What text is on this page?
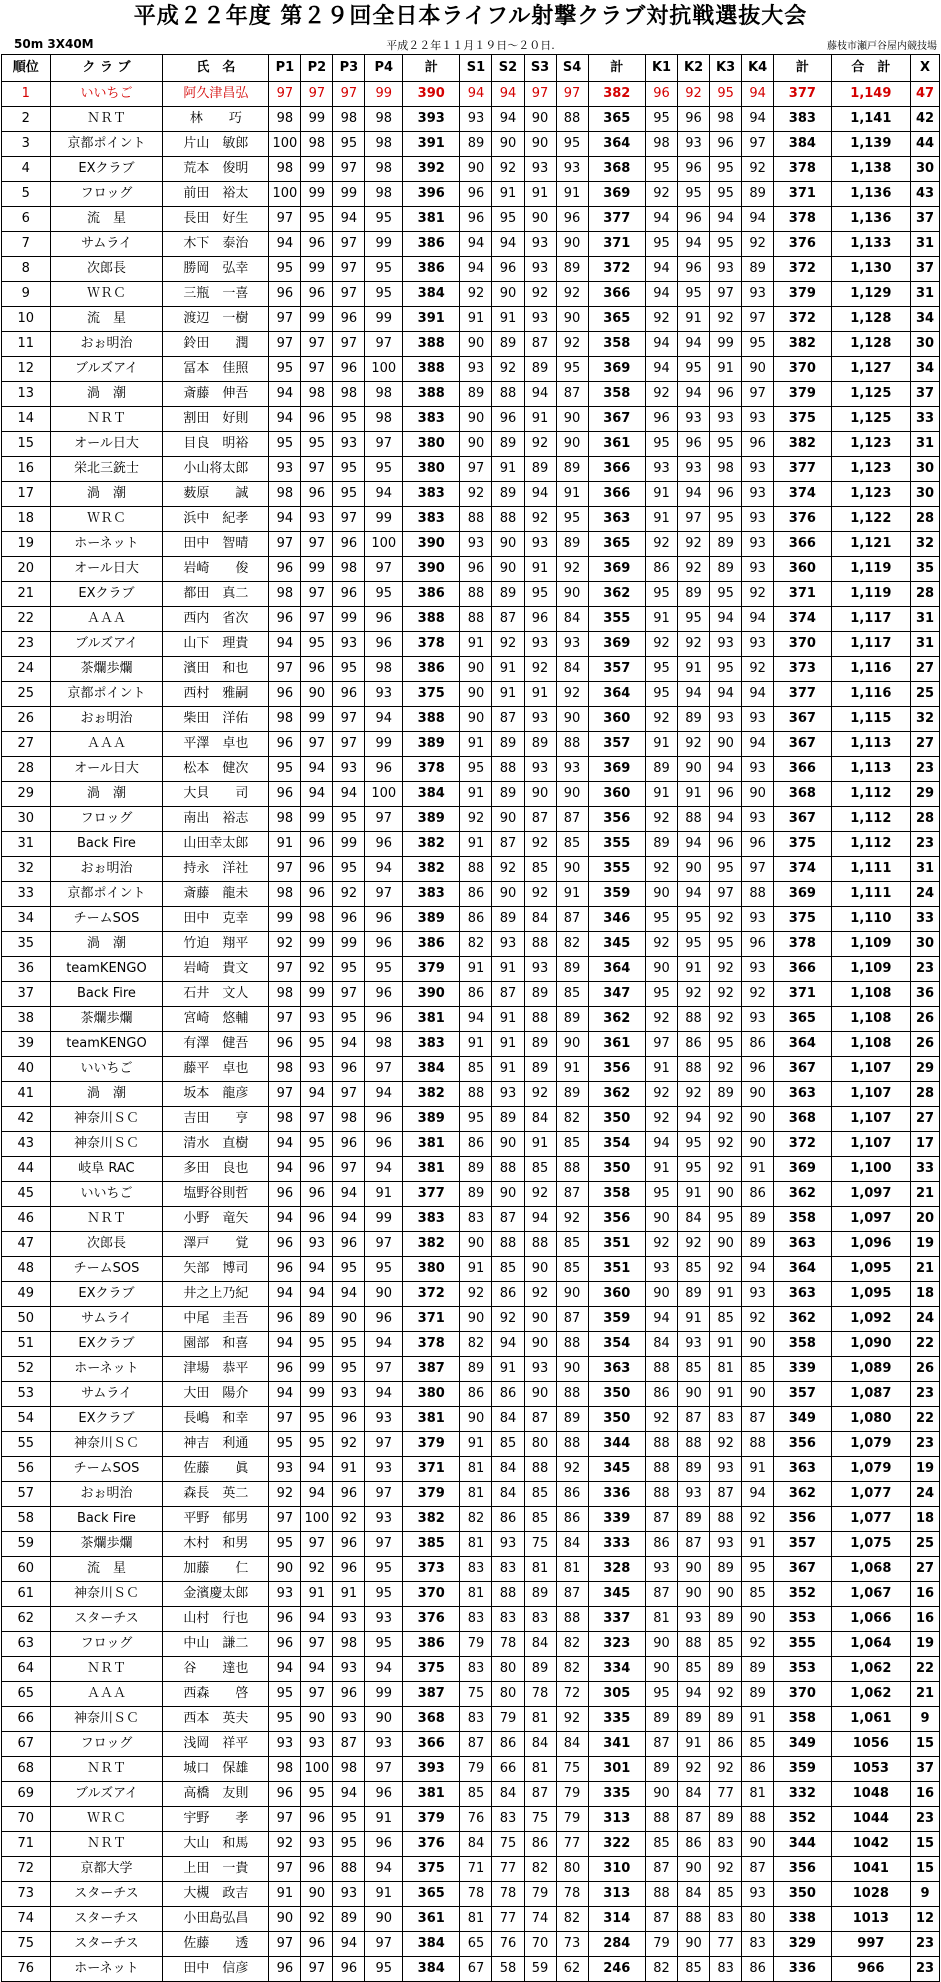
平成２２年度 第２９回全日本ライフル射撃クラブ対抗戦選抜大会
50m 3X40M	平成２２年１１月１９日～２０日.	藤枝市瀬戸谷屋内競技場
順位	ク ラ ブ	氏　名	P1	P2	P3	P4	計	S1	S2	S3	S4	計	K1	K2	K3	K4	計	合　計	X
1	いいちご	阿久津昌弘	97	97	97	99	390	94	94	97	97	382	96	92	95	94	377	1,149	47
2	ＮＲＴ	林　　巧	98	99	98	98	393	93	94	90	88	365	95	96	98	94	383	1,141	42
3	京都ポイント	片山　敏郎	100	98	95	98	391	89	90	90	95	364	98	93	96	97	384	1,139	44
4	EXクラブ	荒本　俊明	98	99	97	98	392	90	92	93	93	368	95	96	95	92	378	1,138	30
5	フロッグ	前田　裕太	100	99	99	98	396	96	91	91	91	369	92	95	95	89	371	1,136	43
6	流　星	長田　好生	97	95	94	95	381	96	95	90	96	377	94	96	94	94	378	1,136	37
7	サムライ	木下　泰治	94	96	97	99	386	94	94	93	90	371	95	94	95	92	376	1,133	31
8	次郎長	勝岡　弘幸	95	99	97	95	386	94	96	93	89	372	94	96	93	89	372	1,130	37
9	ＷＲＣ	三瓶　一喜	96	96	97	95	384	92	90	92	92	366	94	95	97	93	379	1,129	31
10	流　星	渡辺　一樹	97	99	96	99	391	91	91	93	90	365	92	91	92	97	372	1,128	34
11	おぉ明治	鈴田　　潤	97	97	97	97	388	90	89	87	92	358	94	94	99	95	382	1,128	30
12	ブルズアイ	冨本　佳照	95	97	96	100	388	93	92	89	95	369	94	95	91	90	370	1,127	34
13	渦　潮	斎藤　伸吾	94	98	98	98	388	89	88	94	87	358	92	94	96	97	379	1,125	37
14	ＮＲＴ	割田　好則	94	96	95	98	383	90	96	91	90	367	96	93	93	93	375	1,125	33
15	オール日大	目良　明裕	95	95	93	97	380	90	89	92	90	361	95	96	95	96	382	1,123	31
16	栄北三銃士	小山将太郎	93	97	95	95	380	97	91	89	89	366	93	93	98	93	377	1,123	30
17	渦　潮	薮原　　誠	98	96	95	94	383	92	89	94	91	366	91	94	96	93	374	1,123	30
18	ＷＲＣ	浜中　紀孝	94	93	97	99	383	88	88	92	95	363	91	97	95	93	376	1,122	28
19	ホーネット	田中　智晴	97	97	96	100	390	93	90	93	89	365	92	92	89	93	366	1,121	32
20	オール日大	岩崎　　俊	96	99	98	97	390	96	90	91	92	369	86	92	89	93	360	1,119	35
21	EXクラブ	都田　真二	98	97	96	95	386	88	89	95	90	362	95	89	95	92	371	1,119	28
22	ＡＡＡ	西内　省次	96	97	99	96	388	88	87	96	84	355	91	95	94	94	374	1,117	31
23	ブルズアイ	山下　理貴	94	95	93	96	378	91	92	93	93	369	92	92	93	93	370	1,117	31
24	茶爛歩爛	濱田　和也	97	96	95	98	386	90	91	92	84	357	95	91	95	92	373	1,116	27
25	京都ポイント	西村　雅嗣	96	90	96	93	375	90	91	91	92	364	95	94	94	94	377	1,116	25
26	おぉ明治	柴田　洋佑	98	99	97	94	388	90	87	93	90	360	92	89	93	93	367	1,115	32
27	ＡＡＡ	平澤　卓也	96	97	97	99	389	91	89	89	88	357	91	92	90	94	367	1,113	27
28	オール日大	松本　健次	95	94	93	96	378	95	88	93	93	369	89	90	94	93	366	1,113	23
29	渦　潮	大貝　　司	96	94	94	100	384	91	89	90	90	360	91	91	96	90	368	1,112	29
30	フロッグ	南出　裕志	98	99	95	97	389	92	90	87	87	356	92	88	94	93	367	1,112	28
31	Back Fire	山田幸太郎	91	96	99	96	382	91	87	92	85	355	89	94	96	96	375	1,112	23
32	おぉ明治	持永　洋社	97	96	95	94	382	88	92	85	90	355	92	90	95	97	374	1,111	31
33	京都ポイント	斎藤　龍未	98	96	92	97	383	86	90	92	91	359	90	94	97	88	369	1,111	24
34	チームSOS	田中　克幸	99	98	96	96	389	86	89	84	87	346	95	95	92	93	375	1,110	33
35	渦　潮	竹迫　翔平	92	99	99	96	386	82	93	88	82	345	92	95	95	96	378	1,109	30
36	teamKENGO	岩崎　貴文	97	92	95	95	379	91	91	93	89	364	90	91	92	93	366	1,109	23
37	Back Fire	石井　文人	98	99	97	96	390	86	87	89	85	347	95	92	92	92	371	1,108	36
38	茶爛歩爛	宮崎　悠輔	97	93	95	96	381	94	91	88	89	362	92	88	92	93	365	1,108	26
39	teamKENGO	有澤　健吾	96	95	94	98	383	91	91	89	90	361	97	86	95	86	364	1,108	26
40	いいちご	藤平　卓也	98	93	96	97	384	85	91	89	91	356	91	88	92	96	367	1,107	29
41	渦　潮	坂本　龍彦	97	94	97	94	382	88	93	92	89	362	92	92	89	90	363	1,107	28
42	神奈川ＳＣ	吉田　　亨	98	97	98	96	389	95	89	84	82	350	92	94	92	90	368	1,107	27
43	神奈川ＳＣ	清水　直樹	94	95	96	96	381	86	90	91	85	354	94	95	92	90	372	1,107	17
44	岐阜 RAC	多田　良也	94	96	97	94	381	89	88	85	88	350	91	95	92	91	369	1,100	33
45	いいちご	塩野谷則哲	96	96	94	91	377	89	90	92	87	358	95	91	90	86	362	1,097	21
46	ＮＲＴ	小野　竜矢	94	96	94	99	383	83	87	94	92	356	90	84	95	89	358	1,097	20
47	次郎長	澤戸　　覚	96	93	96	97	382	90	88	88	85	351	92	92	90	89	363	1,096	19
48	チームSOS	矢部　博司	96	94	95	95	380	91	85	90	85	351	93	85	92	94	364	1,095	21
49	EXクラブ	井之上乃紀	94	94	94	90	372	92	86	92	90	360	90	89	91	93	363	1,095	18
50	サムライ	中尾　圭吾	96	89	90	96	371	90	92	90	87	359	94	91	85	92	362	1,092	24
51	EXクラブ	園部　和喜	94	95	95	94	378	82	94	90	88	354	84	93	91	90	358	1,090	22
52	ホーネット	津場　恭平	96	99	95	97	387	89	91	93	90	363	88	85	81	85	339	1,089	26
53	サムライ	大田　陽介	94	99	93	94	380	86	86	90	88	350	86	90	91	90	357	1,087	23
54	EXクラブ	長嶋　和幸	97	95	96	93	381	90	84	87	89	350	92	87	83	87	349	1,080	22
55	神奈川ＳＣ	神吉　利通	95	95	92	97	379	91	85	80	88	344	88	88	92	88	356	1,079	23
56	チームSOS	佐藤　　眞	93	94	91	93	371	81	84	88	92	345	88	89	93	91	363	1,079	19
57	おぉ明治	森長　英二	92	94	96	97	379	81	84	85	86	336	88	93	87	94	362	1,077	24
58	Back Fire	平野　郁男	97	100	92	93	382	82	86	85	86	339	87	89	88	92	356	1,077	18
59	茶爛歩爛	木村　和男	95	97	96	97	385	81	93	75	84	333	86	87	93	91	357	1,075	25
60	流　星	加藤　　仁	90	92	96	95	373	83	83	81	81	328	93	90	89	95	367	1,068	27
61	神奈川ＳＣ	金濱慶太郎	93	91	91	95	370	81	88	89	87	345	87	90	90	85	352	1,067	16
62	スターチス	山村　行也	96	94	93	93	376	83	83	83	88	337	81	93	89	90	353	1,066	16
63	フロッグ	中山　謙二	96	97	98	95	386	79	78	84	82	323	90	88	85	92	355	1,064	19
64	ＮＲＴ	谷　　達也	94	94	93	94	375	83	80	89	82	334	90	85	89	89	353	1,062	22
65	ＡＡＡ	西森　　啓	95	97	96	99	387	75	80	78	72	305	95	94	92	89	370	1,062	21
66	神奈川ＳＣ	西本　英夫	95	90	93	90	368	83	79	81	92	335	89	89	89	91	358	1,061	9
67	フロッグ	浅岡　祥平	93	93	87	93	366	87	86	84	84	341	87	91	86	85	349	1056	15
68	ＮＲＴ	城口　保雄	98	100	98	97	393	79	66	81	75	301	89	92	92	86	359	1053	37
69	ブルズアイ	高橋　友則	96	95	94	96	381	85	84	87	79	335	90	84	77	81	332	1048	16
70	ＷＲＣ	宇野　　孝	97	96	95	91	379	76	83	75	79	313	88	87	89	88	352	1044	23
71	ＮＲＴ	大山　和馬	92	93	95	96	376	84	75	86	77	322	85	86	83	90	344	1042	15
72	京都大学	上田　一貴	97	96	88	94	375	71	77	82	80	310	87	90	92	87	356	1041	15
73	スターチス	大槻　政吉	91	90	93	91	365	78	78	79	78	313	88	84	85	93	350	1028	9
74	スターチス	小田島弘昌	90	92	89	90	361	81	77	74	82	314	87	88	83	80	338	1013	12
75	スターチス	佐藤　　透	97	96	94	97	384	65	76	70	73	284	79	90	77	83	329	997	23
76	ホーネット	田中　信彦	96	97	96	95	384	67	58	59	62	246	82	85	83	86	336	966	23
